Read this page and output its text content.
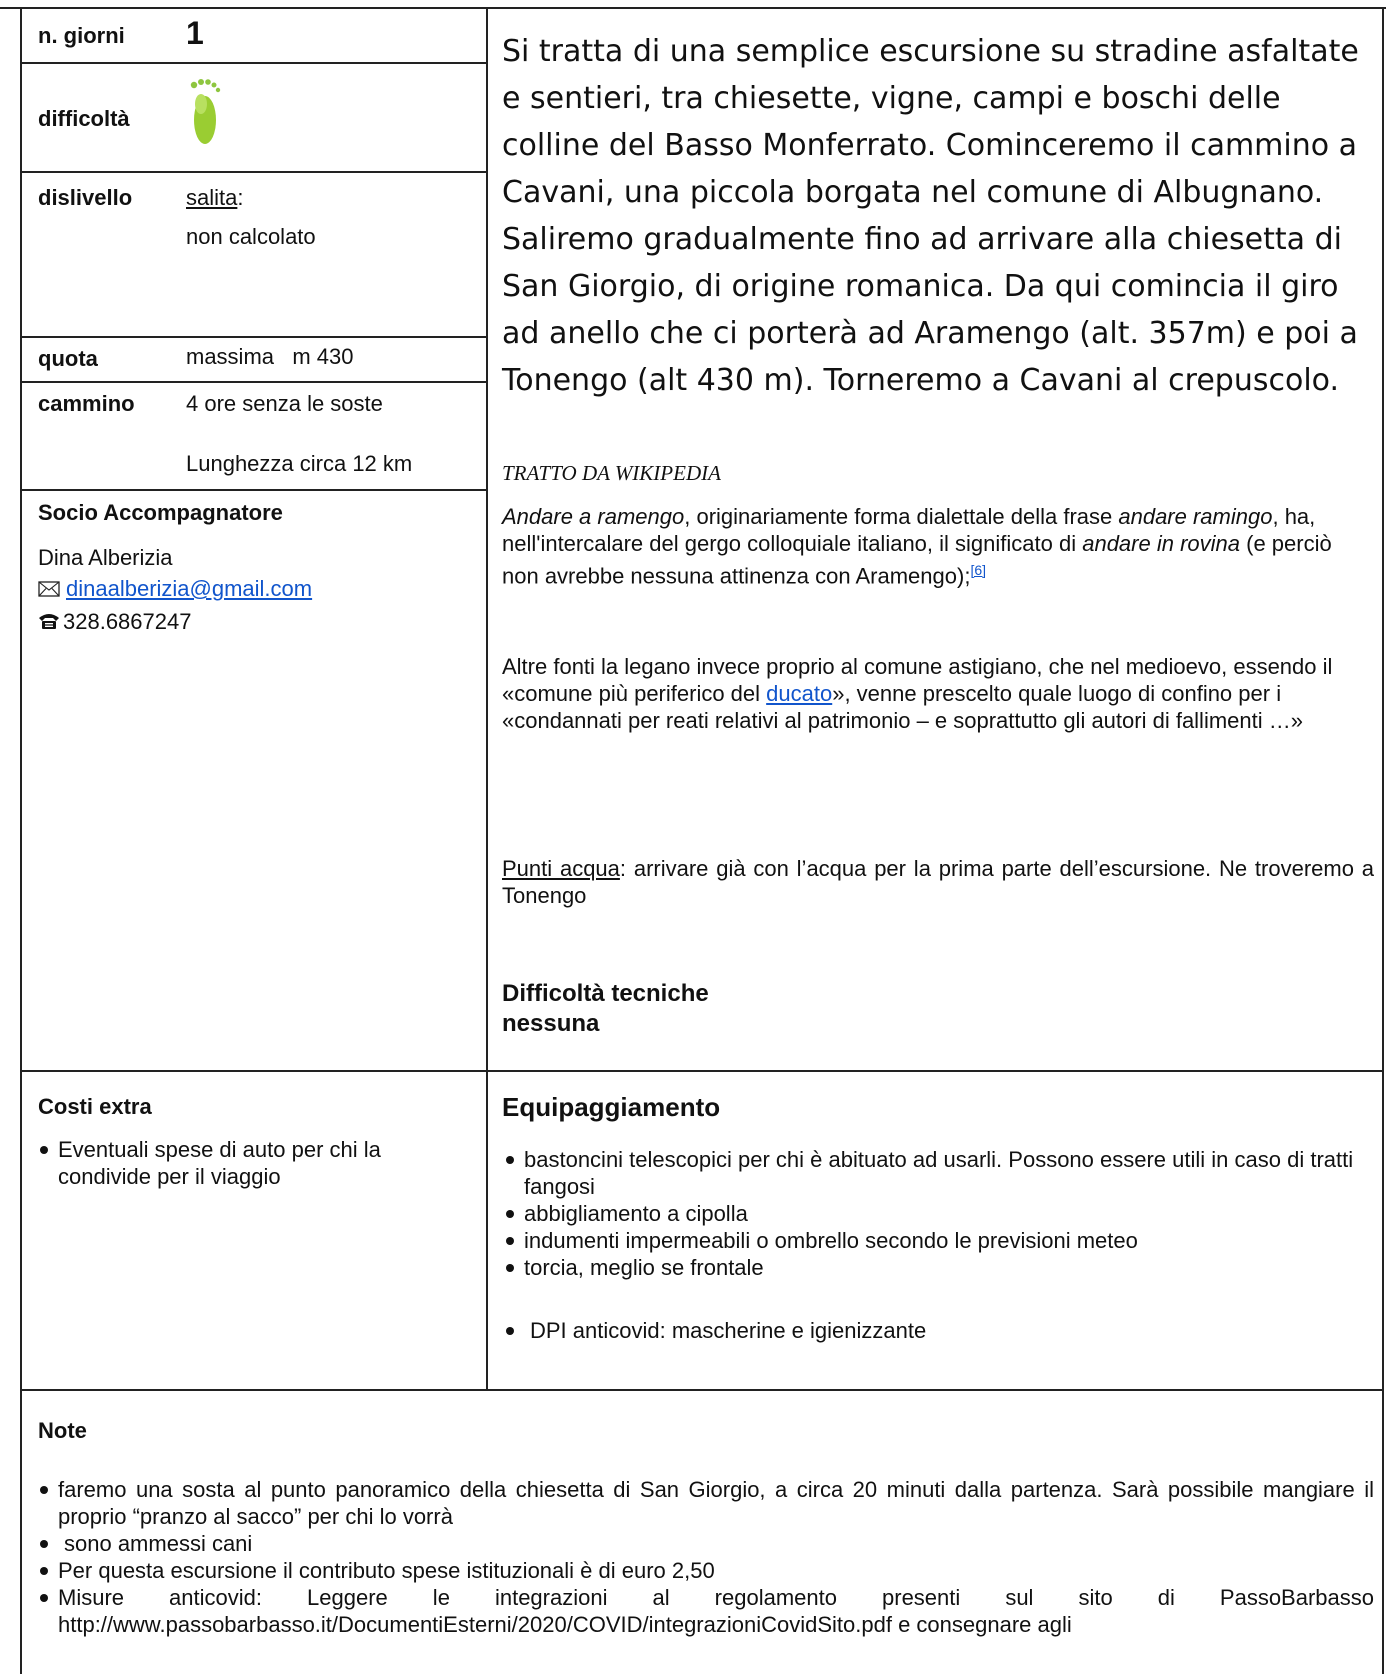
n. giorni 1
difficoltà
dislivello salita:
non calcolato
quota	massima   m 430
cammino 4 ore senza le soste
Lunghezza circa 12 km
Socio Accompagnatore
Dina Alberizia
dinaalberizia@gmail.com
328.6867247
Si tratta di una semplice escursione su stradine asfaltate e sentieri, tra chiesette, vigne, campi e boschi delle colline del Basso Monferrato. Cominceremo il cammino a Cavani, una piccola borgata nel comune di Albugnano. Saliremo gradualmente fino ad arrivare alla chiesetta di San Giorgio, di origine romanica. Da qui comincia il giro ad anello che ci porterà ad Aramengo (alt. 357m) e poi a Tonengo (alt 430 m). Torneremo a Cavani al crepuscolo.
TRATTO DA WIKIPEDIA
Andare a ramengo, originariamente forma dialettale della frase andare ramingo, ha, nell'intercalare del gergo colloquiale italiano, il significato di andare in rovina (e perciò non avrebbe nessuna attinenza con Aramengo);[6]
Altre fonti la legano invece proprio al comune astigiano, che nel medioevo, essendo il «comune più periferico del ducato», venne prescelto quale luogo di confino per i «condannati per reati relativi al patrimonio – e soprattutto gli autori di fallimenti …»
Punti acqua: arrivare già con l’acqua per la prima parte dell’escursione. Ne troveremo a Tonengo
Difficoltà tecniche
nessuna
Costi extra
Eventuali spese di auto per chi la condivide per il viaggio
Equipaggiamento
bastoncini telescopici per chi è abituato ad usarli. Possono essere utili in caso di tratti fangosi
abbigliamento a cipolla
indumenti impermeabili o ombrello secondo le previsioni meteo
torcia, meglio se frontale
DPI anticovid: mascherine e igienizzante
Note
faremo una sosta al punto panoramico della chiesetta di San Giorgio, a circa 20 minuti dalla partenza. Sarà possibile mangiare il proprio “pranzo al sacco” per chi lo vorrà
sono ammessi cani
Per questa escursione il contributo spese istituzionali è di euro 2,50
Misure anticovid: Leggere le integrazioni al regolamento presenti sul sito di PassoBarbasso http://www.passobarbasso.it/DocumentiEsterni/2020/COVID/integrazioniCovidSito.pdf e consegnare agli
